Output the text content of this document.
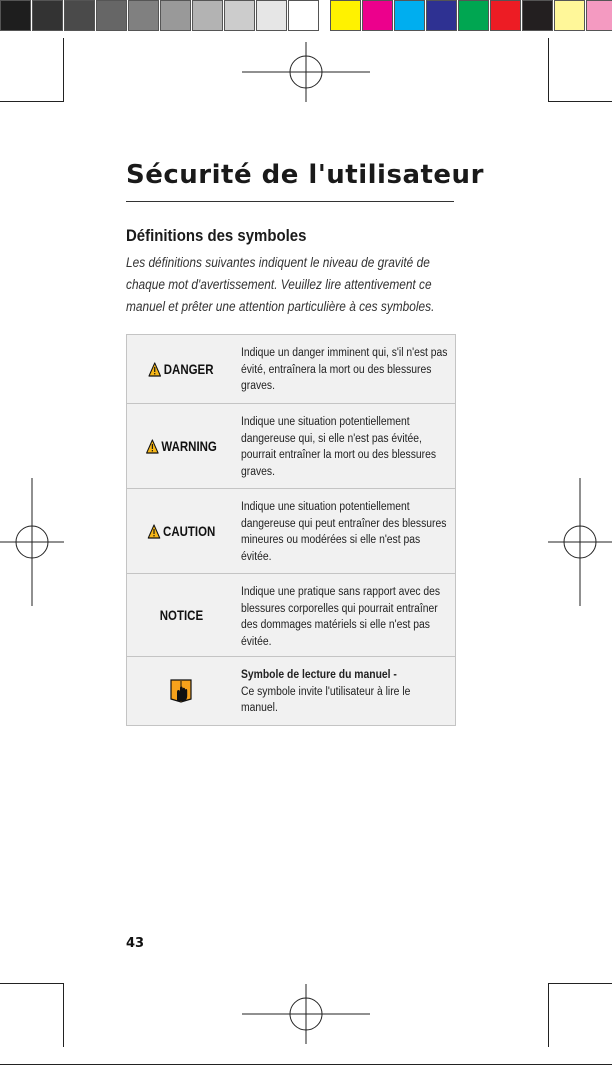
Sécurité de l'utilisateur
Définitions des symboles

Les définitions suivantes indiquent le niveau de gravité de chaque mot d'avertissement. Veuillez lire attentivement ce manuel et prêter une attention particulière à ces symboles.

DANGER
Indique un danger imminent qui, s'il n'est pas évité, entraînera la mort ou des blessures graves.
WARNING
Indique une situation potentiellement dangereuse qui, si elle n'est pas évitée, pourrait entraîner la mort ou des blessures graves.
CAUTION
Indique une situation potentiellement dangereuse qui peut entraîner des blessures mineures ou modérées si elle n'est pas évitée.
NOTICE
Indique une pratique sans rapport avec des blessures corporelles qui pourrait entraîner des dommages matériels si elle n'est pas évitée.
Symbole de lecture du manuel -
Ce symbole invite l'utilisateur à lire le manuel.

43
